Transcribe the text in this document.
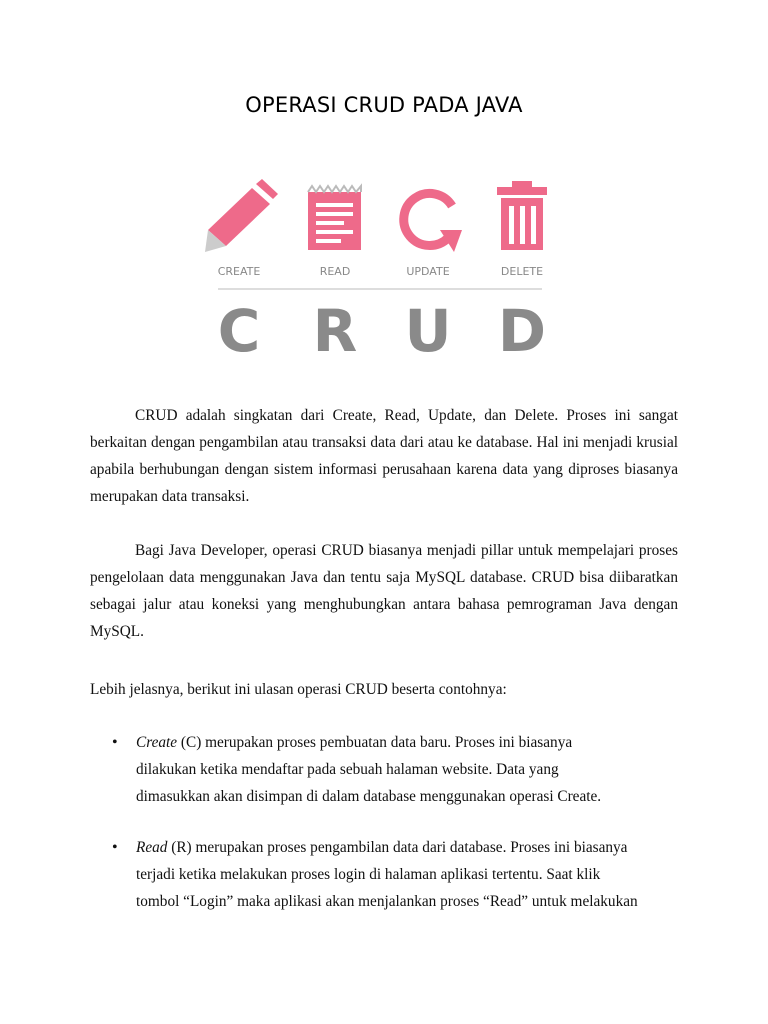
OPERASI CRUD PADA JAVA
CREATE	READ	UPDATE	DELETE
C R U D

CRUD adalah singkatan dari Create, Read, Update, dan Delete. Proses ini sangat berkaitan dengan pengambilan atau transaksi data dari atau ke database. Hal ini menjadi krusial apabila berhubungan dengan sistem informasi perusahaan karena data yang diproses biasanya merupakan data transaksi.

Bagi Java Developer, operasi CRUD biasanya menjadi pillar untuk mempelajari proses pengelolaan data menggunakan Java dan tentu saja MySQL database. CRUD bisa diibaratkan sebagai jalur atau koneksi yang menghubungkan antara bahasa pemrograman Java dengan MySQL.

Lebih jelasnya, berikut ini ulasan operasi CRUD beserta contohnya:

• Create (C) merupakan proses pembuatan data baru. Proses ini biasanya
dilakukan ketika mendaftar pada sebuah halaman website. Data yang
dimasukkan akan disimpan di dalam database menggunakan operasi Create.
• Read (R) merupakan proses pengambilan data dari database. Proses ini biasanya
terjadi ketika melakukan proses login di halaman aplikasi tertentu. Saat klik
tombol “Login” maka aplikasi akan menjalankan proses “Read” untuk melakukan
